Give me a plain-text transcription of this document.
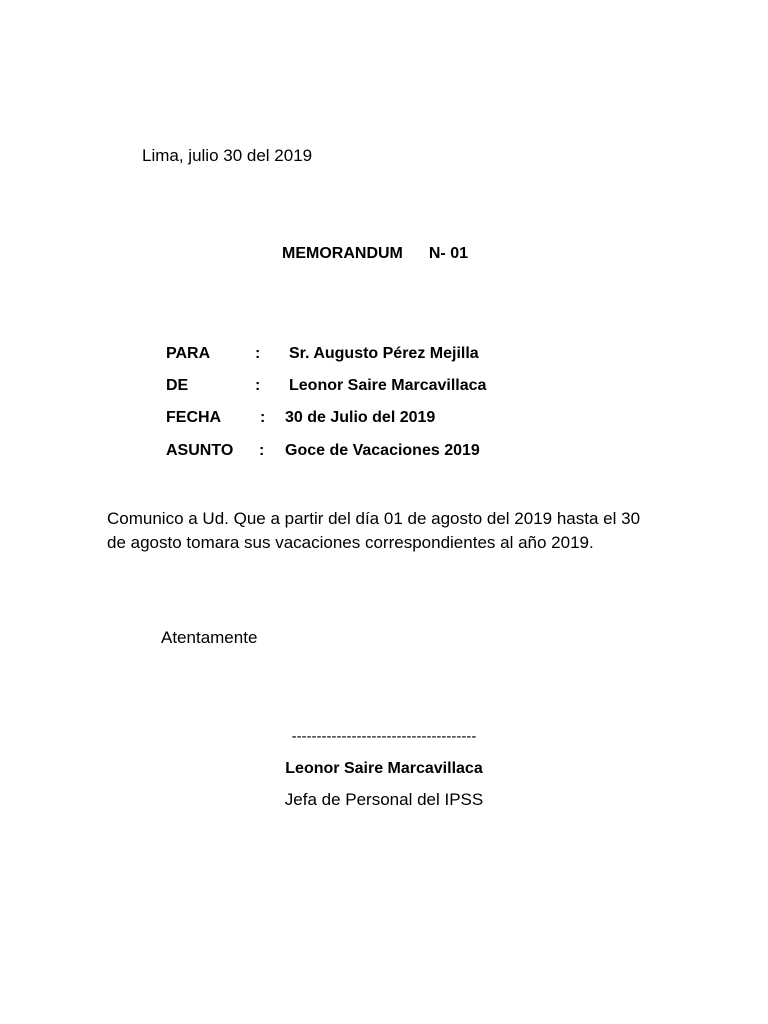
Lima, julio 30 del 2019
MEMORANDUM N- 01
PARA	: Sr. Augusto Pérez Mejilla
DE	: Leonor Saire Marcavillaca
FECHA : 30 de Julio del 2019
ASUNTO : Goce de Vacaciones 2019
Comunico a Ud. Que a partir del día 01 de agosto del 2019 hasta el 30
de agosto tomara sus vacaciones correspondientes al año 2019.
Atentamente
-------------------------------------
Leonor Saire Marcavillaca
Jefa de Personal del IPSS
